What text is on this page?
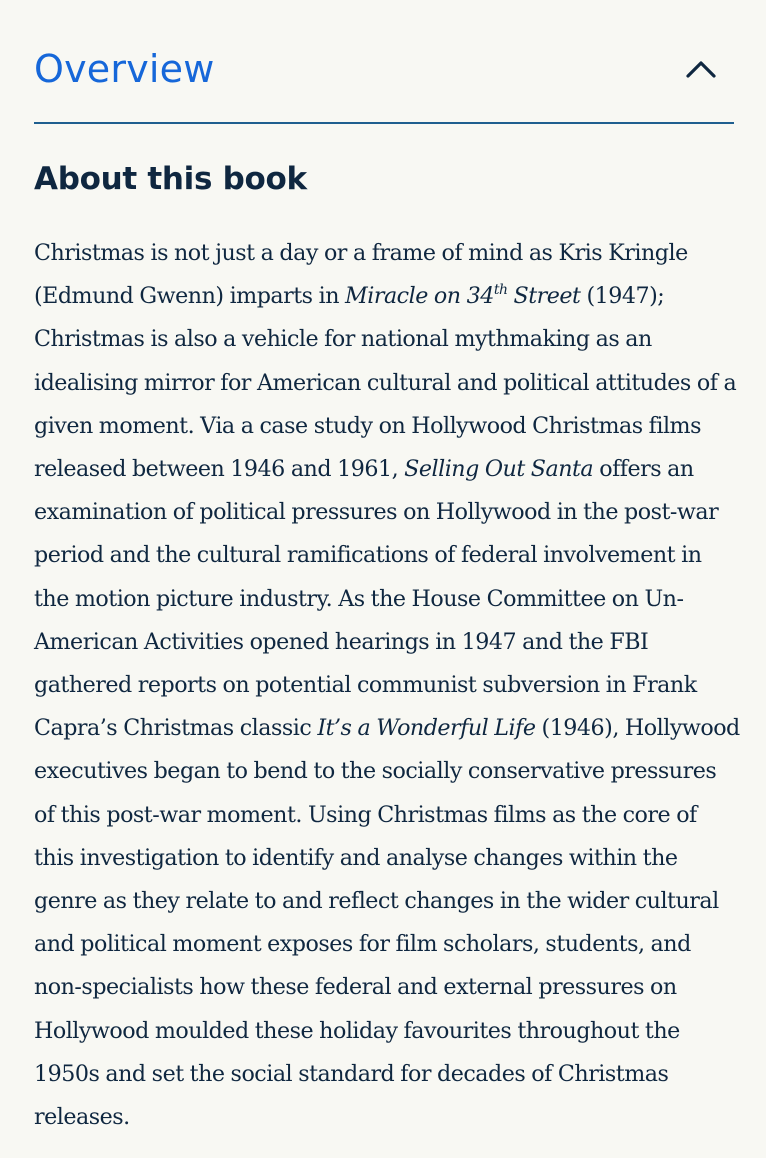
Overview
About this book

Christmas is not just a day or a frame of mind as Kris Kringle (Edmund Gwenn) imparts in Miracle on 34th Street (1947); Christmas is also a vehicle for national mythmaking as an idealising mirror for American cultural and political attitudes of a given moment. Via a case study on Hollywood Christmas films released between 1946 and 1961, Selling Out Santa offers an examination of political pressures on Hollywood in the post-war period and the cultural ramifications of federal involvement in the motion picture industry. As the House Committee on Un-American Activities opened hearings in 1947 and the FBI gathered reports on potential communist subversion in Frank Capra’s Christmas classic It’s a Wonderful Life (1946), Hollywood executives began to bend to the socially conservative pressures of this post-war moment. Using Christmas films as the core of this investigation to identify and analyse changes within the genre as they relate to and reflect changes in the wider cultural and political moment exposes for film scholars, students, and non-specialists how these federal and external pressures on Hollywood moulded these holiday favourites throughout the 1950s and set the social standard for decades of Christmas releases.
